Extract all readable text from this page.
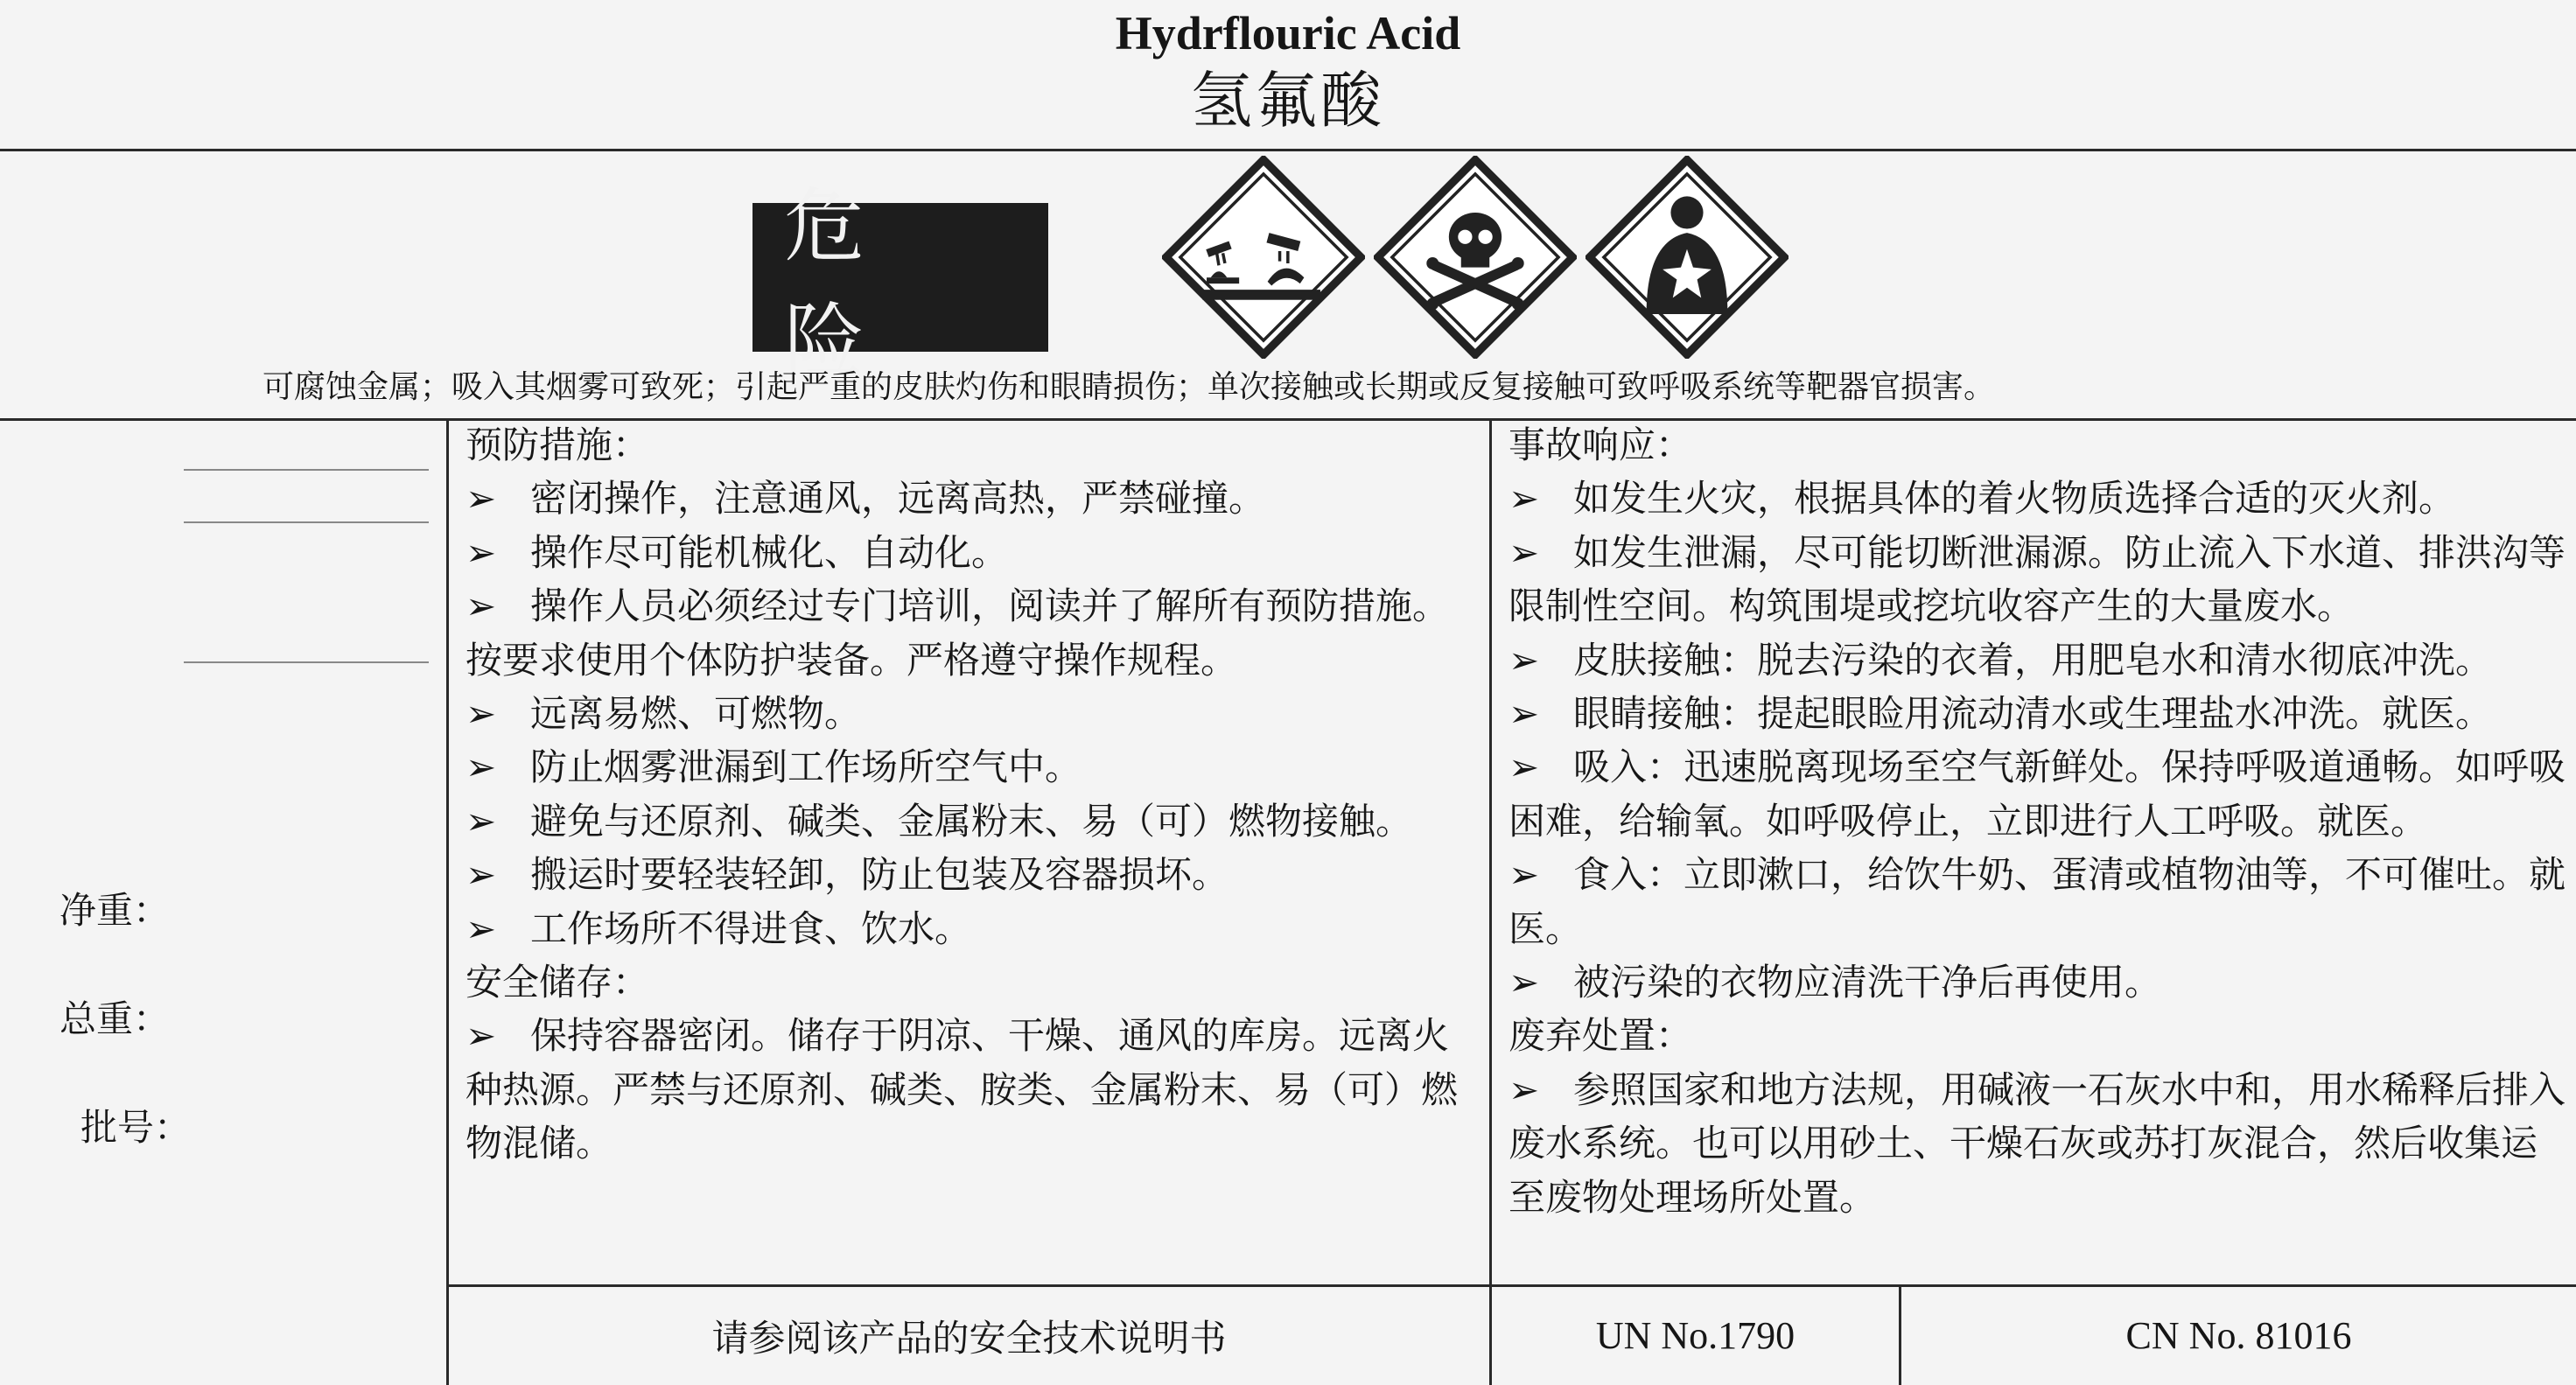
Hydrflouric Acid
氢氟酸
危 险
可腐蚀金属；吸入其烟雾可致死；引起严重的皮肤灼伤和眼睛损伤；单次接触或长期或反复接触可致呼吸系统等靶器官损害。
净重：
总重：
批号：

预防措施：

➢ 密闭操作，注意通风，远离高热，严禁碰撞。

➢ 操作尽可能机械化、自动化。

➢ 操作人员必须经过专门培训，阅读并了解所有预防措施。按要求使用个体防护装备。严格遵守操作规程。

➢ 远离易燃、可燃物。

➢ 防止烟雾泄漏到工作场所空气中。

➢ 避免与还原剂、碱类、金属粉末、易（可）燃物接触。

➢ 搬运时要轻装轻卸，防止包装及容器损坏。

➢ 工作场所不得进食、饮水。

安全储存：

➢ 保持容器密闭。储存于阴凉、干燥、通风的库房。远离火种热源。严禁与还原剂、碱类、胺类、金属粉末、易（可）燃物混储。

事故响应：

➢ 如发生火灾，根据具体的着火物质选择合适的灭火剂。

➢ 如发生泄漏，尽可能切断泄漏源。防止流入下水道、排洪沟等限制性空间。构筑围堤或挖坑收容产生的大量废水。

➢ 皮肤接触：脱去污染的衣着，用肥皂水和清水彻底冲洗。

➢ 眼睛接触：提起眼睑用流动清水或生理盐水冲洗。就医。

➢ 吸入：迅速脱离现场至空气新鲜处。保持呼吸道通畅。如呼吸困难，给输氧。如呼吸停止，立即进行人工呼吸。就医。

➢ 食入：立即漱口，给饮牛奶、蛋清或植物油等，不可催吐。就医。

➢ 被污染的衣物应清洗干净后再使用。

废弃处置：

➢ 参照国家和地方法规，用碱液一石灰水中和，用水稀释后排入废水系统。也可以用砂土、干燥石灰或苏打灰混合，然后收集运至废物处理场所处置。

请参阅该产品的安全技术说明书	UN No.1790	CN No. 81016
